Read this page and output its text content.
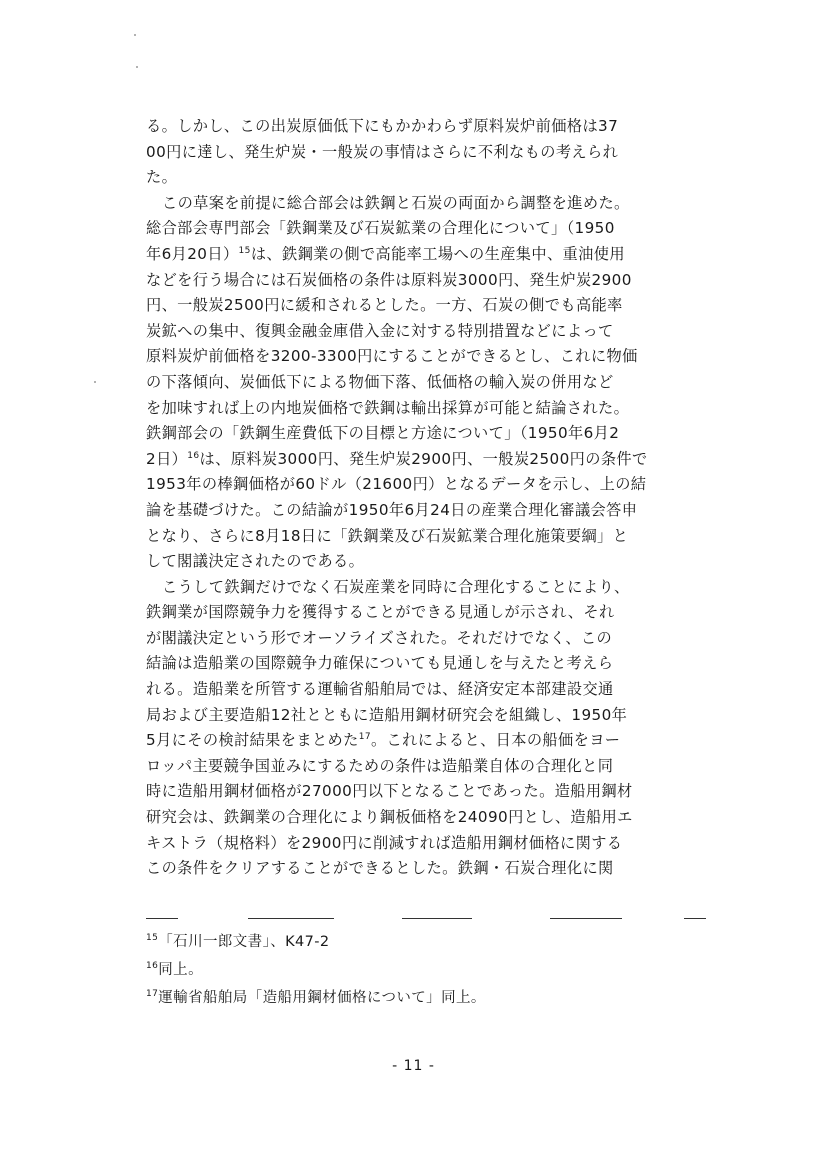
る。しかし、この出炭原価低下にもかかわらず原料炭炉前価格は37
00円に達し、発生炉炭・一般炭の事情はさらに不利なもの考えられ
た。
この草案を前提に総合部会は鉄鋼と石炭の両面から調整を進めた。
総合部会専門部会「鉄鋼業及び石炭鉱業の合理化について」（1950
年6月20日）$^{15}$は、鉄鋼業の側で高能率工場への生産集中、重油使用
などを行う場合には石炭価格の条件は原料炭3000円、発生炉炭2900
円、一般炭2500円に緩和されるとした。一方、石炭の側でも高能率
炭鉱への集中、復興金融金庫借入金に対する特別措置などによって
原料炭炉前価格を3200-3300円にすることができるとし、これに物価
の下落傾向、炭価低下による物価下落、低価格の輸入炭の併用など
を加味すれば上の内地炭価格で鉄鋼は輸出採算が可能と結論された。
鉄鋼部会の「鉄鋼生産費低下の目標と方途について」（1950年6月2
2日）$^{16}$は、原料炭3000円、発生炉炭2900円、一般炭2500円の条件で
1953年の棒鋼価格が60ドル（21600円）となるデータを示し、上の結
論を基礎づけた。この結論が1950年6月24日の産業合理化審議会答申
となり、さらに8月18日に「鉄鋼業及び石炭鉱業合理化施策要綱」と
して閣議決定されたのである。
こうして鉄鋼だけでなく石炭産業を同時に合理化することにより、
鉄鋼業が国際競争力を獲得することができる見通しが示され、それ
が閣議決定という形でオーソライズされた。それだけでなく、この
結論は造船業の国際競争力確保についても見通しを与えたと考えら
れる。造船業を所管する運輸省船舶局では、経済安定本部建設交通
局および主要造船12社とともに造船用鋼材研究会を組織し、1950年
5月にその検討結果をまとめた$^{17}$。これによると、日本の船価をヨー
ロッパ主要競争国並みにするための条件は造船業自体の合理化と同
時に造船用鋼材価格が27000円以下となることであった。造船用鋼材
研究会は、鉄鋼業の合理化により鋼板価格を24090円とし、造船用エ
キストラ（規格料）を2900円に削減すれば造船用鋼材価格に関する
この条件をクリアすることができるとした。鉄鋼・石炭合理化に関
$^{15}$「石川一郎文書」、K47-2
$^{16}$同上。
$^{17}$運輸省船舶局「造船用鋼材価格について」同上。
- 11 -
